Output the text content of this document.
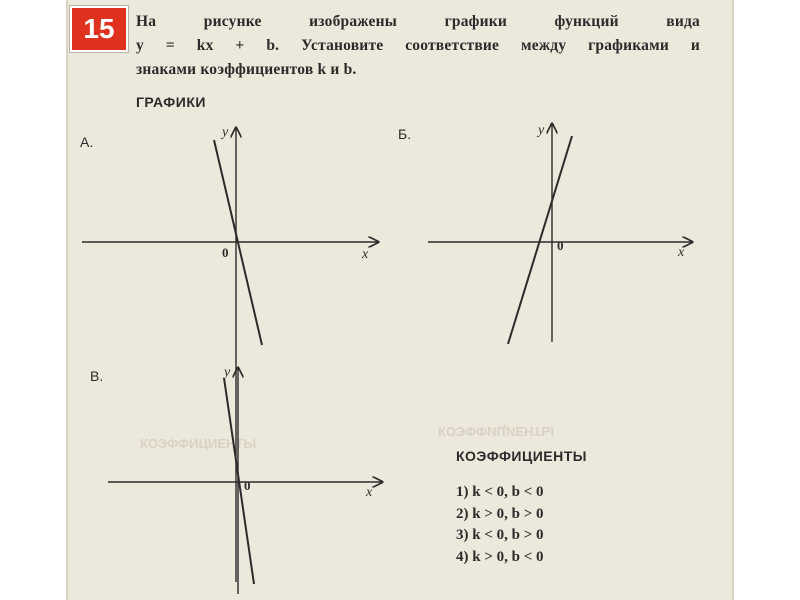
15	На рисунке изображены графики функций вида
y = kx + b. Установите соответствие между графиками и
знаками коэффициентов k и b.
ГРАФИКИ
А.	Б.
В.
КОЭФФИЦИЕНТЫ
КОЭФФИЦИЕНТЫ
y
x
0
y
x
0
y
x
0
КОЭФФИЦИЕНТЫ
1) k < 0, b < 0
2) k > 0, b > 0
3) k < 0, b > 0
4) k > 0, b < 0
